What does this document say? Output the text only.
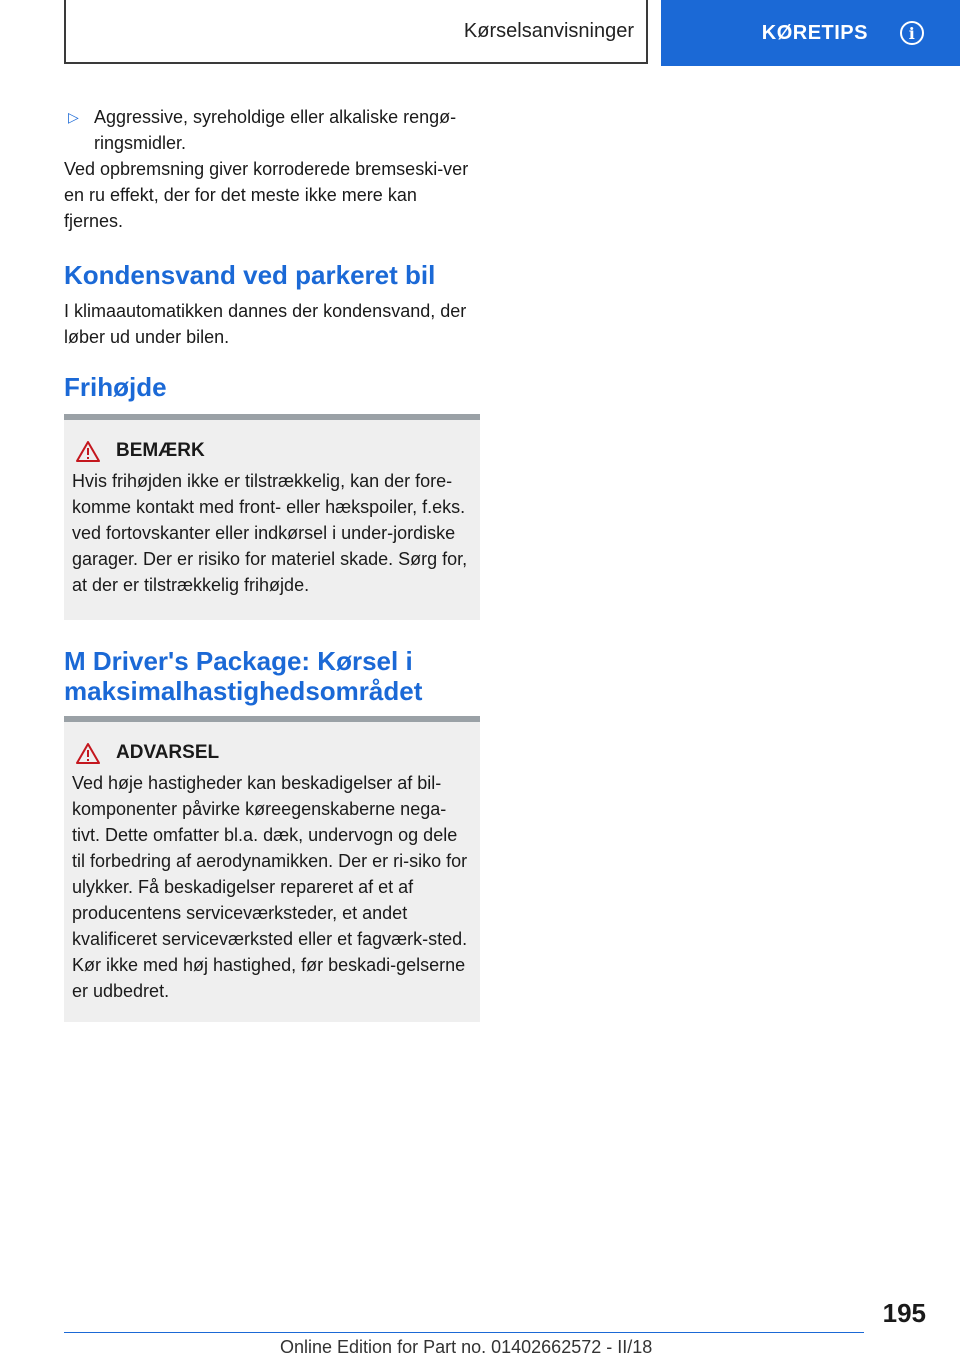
Kørselsanvisninger	KØRETIPS	i
▷ Aggressive, syreholdige eller alkaliske rengø-ringsmidler.

Ved opbremsning giver korroderede bremseski-ver en ru effekt, der for det meste ikke mere kan fjernes.

Kondensvand ved parkeret bil

I klimaautomatikken dannes der kondensvand, der løber ud under bilen.

Frihøjde
BEMÆRK

Hvis frihøjden ikke er tilstrækkelig, kan der fore-komme kontakt med front- eller hækspoiler, f.eks. ved fortovskanter eller indkørsel i under-jordiske garager. Der er risiko for materiel skade. Sørg for, at der er tilstrækkelig frihøjde.

M Driver's Package: Kørsel i maksimalhastighedsområdet
ADVARSEL

Ved høje hastigheder kan beskadigelser af bil-komponenter påvirke køreegenskaberne nega-tivt. Dette omfatter bl.a. dæk, undervogn og dele til forbedring af aerodynamikken. Der er ri-siko for ulykker. Få beskadigelser repareret af et af producentens serviceværksteder, et andet kvalificeret serviceværksted eller et fagværk-sted. Kør ikke med høj hastighed, før beskadi-gelserne er udbedret.

195
Online Edition for Part no. 01402662572 - II/18
